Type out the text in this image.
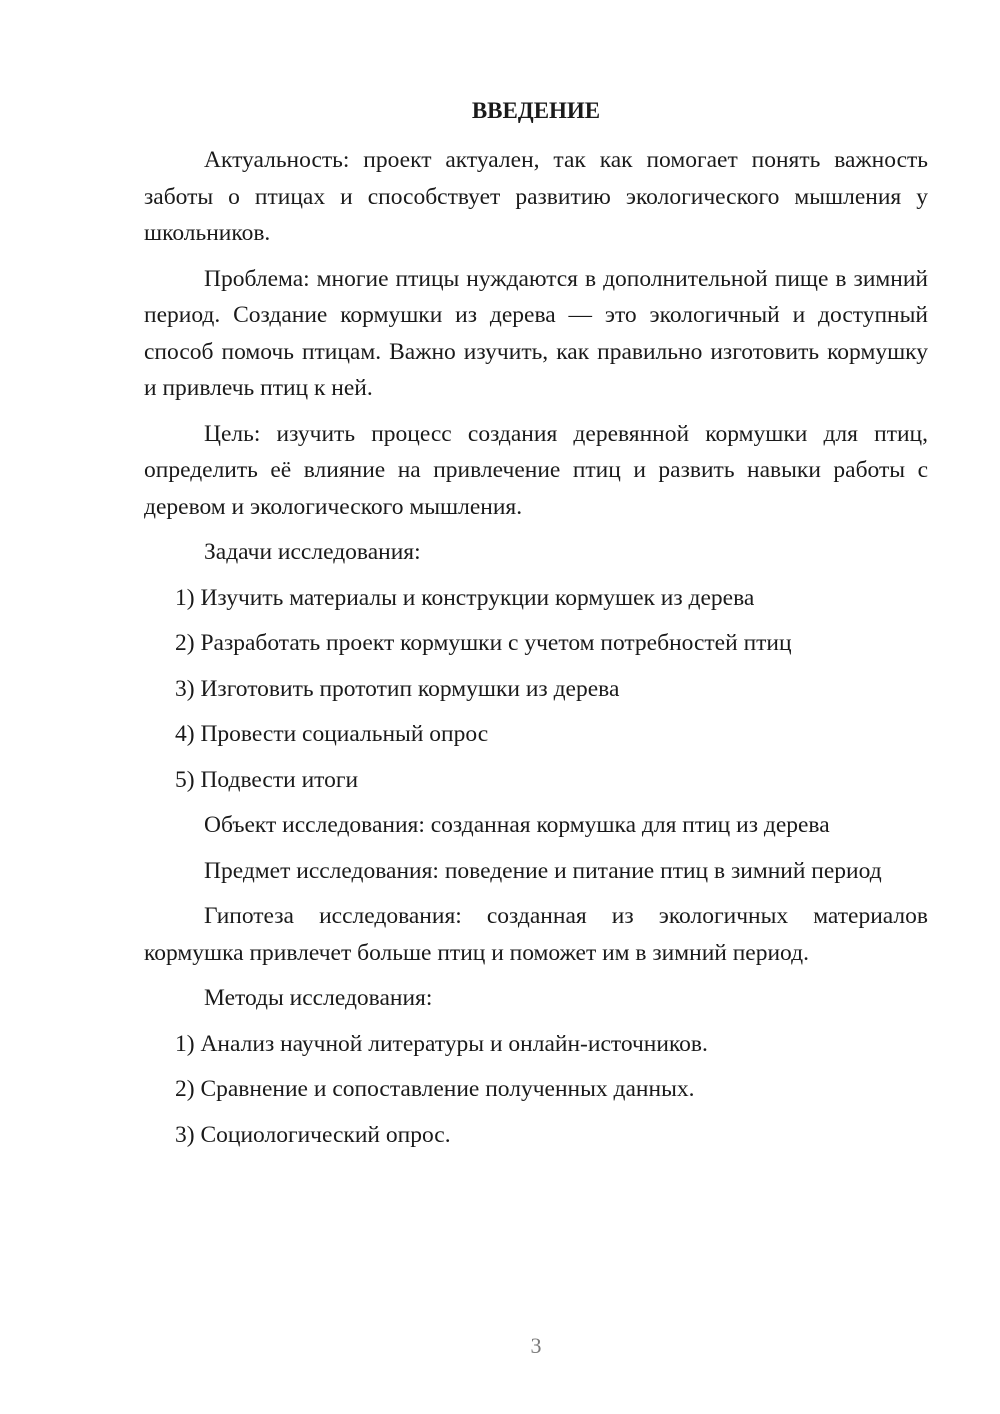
ВВЕДЕНИЕ

Актуальность: проект актуален, так как помогает понять важность заботы о птицах и способствует развитию экологического мышления у школьников.

Проблема: многие птицы нуждаются в дополнительной пище в зимний период. Создание кормушки из дерева — это экологичный и доступный способ помочь птицам. Важно изучить, как правильно изготовить кормушку и привлечь птиц к ней.

Цель: изучить процесс создания деревянной кормушки для птиц, определить её влияние на привлечение птиц и развить навыки работы с деревом и экологического мышления.

Задачи исследования:

1) Изучить материалы и конструкции кормушек из дерева

2) Разработать проект кормушки с учетом потребностей птиц

3) Изготовить прототип кормушки из дерева

4) Провести социальный опрос

5) Подвести итоги

Объект исследования: созданная кормушка для птиц из дерева

Предмет исследования: поведение и питание птиц в зимний период

Гипотеза исследования: созданная из экологичных материалов кормушка привлечет больше птиц и поможет им в зимний период.

Методы исследования:

1) Анализ научной литературы и онлайн-источников.

2) Сравнение и сопоставление полученных данных.

3) Социологический опрос.

3
